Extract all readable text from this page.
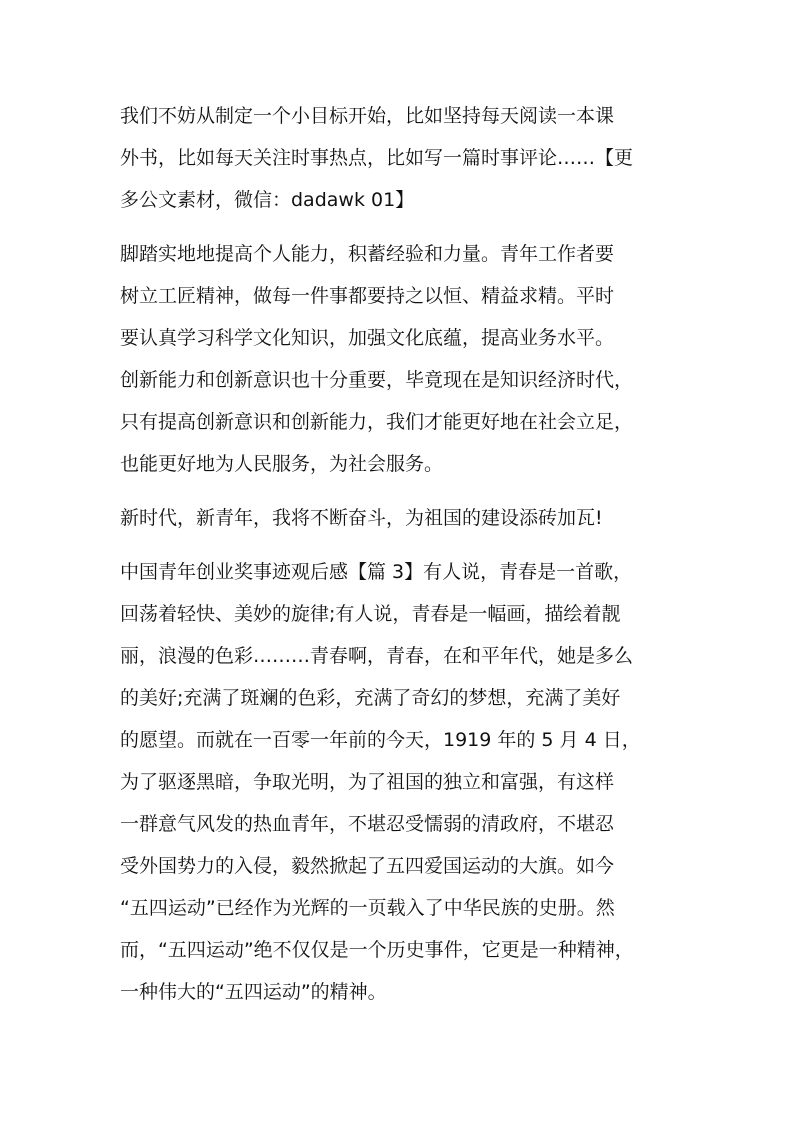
我们不妨从制定一个小目标开始，比如坚持每天阅读一本课
外书，比如每天关注时事热点，比如写一篇时事评论……【更
多公文素材，微信：dadawk 01】
脚踏实地地提高个人能力，积蓄经验和力量。青年工作者要
树立工匠精神，做每一件事都要持之以恒、精益求精。平时
要认真学习科学文化知识，加强文化底蕴，提高业务水平。
创新能力和创新意识也十分重要，毕竟现在是知识经济时代，
只有提高创新意识和创新能力，我们才能更好地在社会立足，
也能更好地为人民服务，为社会服务。
新时代，新青年，我将不断奋斗，为祖国的建设添砖加瓦!
中国青年创业奖事迹观后感【篇 3】有人说，青春是一首歌，
回荡着轻快、美妙的旋律;有人说，青春是一幅画，描绘着靓
丽，浪漫的色彩………青春啊，青春，在和平年代，她是多么
的美好;充满了斑斓的色彩，充满了奇幻的梦想，充满了美好
的愿望。而就在一百零一年前的今天，1919 年的 5 月 4 日，
为了驱逐黑暗，争取光明，为了祖国的独立和富强，有这样
一群意气风发的热血青年，不堪忍受懦弱的清政府，不堪忍
受外国势力的入侵，毅然掀起了五四爱国运动的大旗。如今
“五四运动”已经作为光辉的一页载入了中华民族的史册。然
而，“五四运动”绝不仅仅是一个历史事件，它更是一种精神，
一种伟大的“五四运动”的精神。
